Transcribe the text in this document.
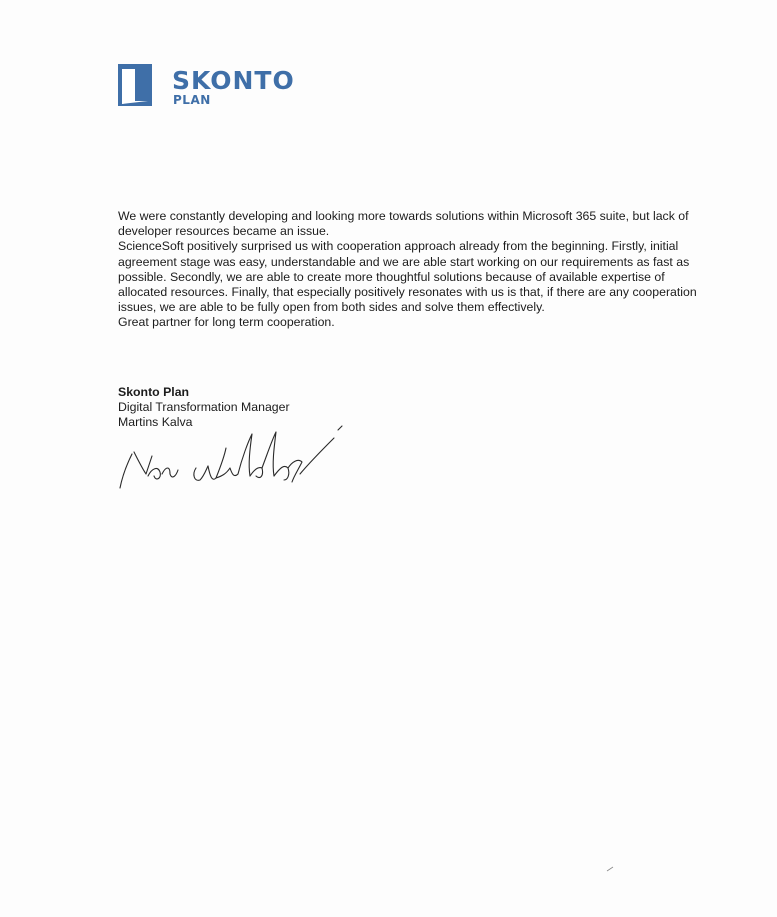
SKONTO
PLAN

We were constantly developing and looking more towards solutions within Microsoft 365 suite, but lack of developer resources became an issue.

ScienceSoft positively surprised us with cooperation approach already from the beginning. Firstly, initial agreement stage was easy, understandable and we are able start working on our requirements as fast as possible. Secondly, we are able to create more thoughtful solutions because of available expertise of allocated resources. Finally, that especially positively resonates with us is that, if there are any cooperation issues, we are able to be fully open from both sides and solve them effectively.

Great partner for long term cooperation.

Skonto Plan
Digital Transformation Manager
Martins Kalva
